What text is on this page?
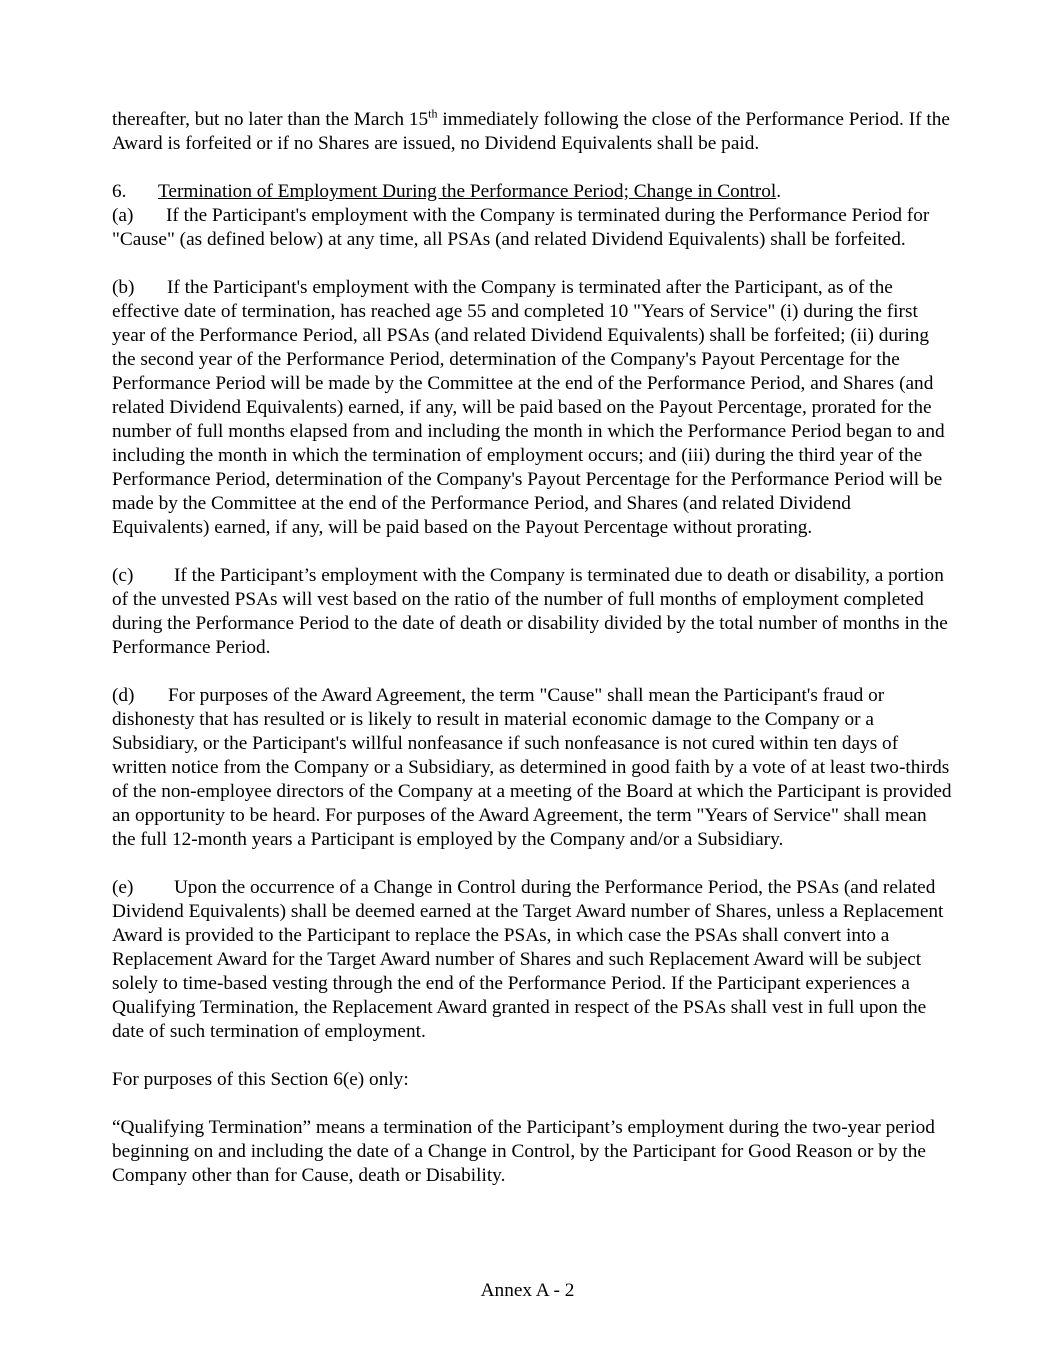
thereafter, but no later than the March 15th immediately following the close of the Performance Period. If the Award is forfeited or if no Shares are issued, no Dividend Equivalents shall be paid.

6. Termination of Employment During the Performance Period; Change in Control.

(a) If the Participant's employment with the Company is terminated during the Performance Period for "Cause" (as defined below) at any time, all PSAs (and related Dividend Equivalents) shall be forfeited.

(b) If the Participant's employment with the Company is terminated after the Participant, as of the effective date of termination, has reached age 55 and completed 10 "Years of Service" (i) during the first year of the Performance Period, all PSAs (and related Dividend Equivalents) shall be forfeited; (ii) during the second year of the Performance Period, determination of the Company's Payout Percentage for the Performance Period will be made by the Committee at the end of the Performance Period, and Shares (and related Dividend Equivalents) earned, if any, will be paid based on the Payout Percentage, prorated for the number of full months elapsed from and including the month in which the Performance Period began to and including the month in which the termination of employment occurs; and (iii) during the third year of the Performance Period, determination of the Company's Payout Percentage for the Performance Period will be made by the Committee at the end of the Performance Period, and Shares (and related Dividend Equivalents) earned, if any, will be paid based on the Payout Percentage without prorating.

(c) If the Participant’s employment with the Company is terminated due to death or disability, a portion of the unvested PSAs will vest based on the ratio of the number of full months of employment completed during the Performance Period to the date of death or disability divided by the total number of months in the Performance Period.

(d) For purposes of the Award Agreement, the term "Cause" shall mean the Participant's fraud or dishonesty that has resulted or is likely to result in material economic damage to the Company or a Subsidiary, or the Participant's willful nonfeasance if such nonfeasance is not cured within ten days of written notice from the Company or a Subsidiary, as determined in good faith by a vote of at least two-thirds of the non-employee directors of the Company at a meeting of the Board at which the Participant is provided an opportunity to be heard. For purposes of the Award Agreement, the term "Years of Service" shall mean the full 12-month years a Participant is employed by the Company and/or a Subsidiary.

(e) Upon the occurrence of a Change in Control during the Performance Period, the PSAs (and related Dividend Equivalents) shall be deemed earned at the Target Award number of Shares, unless a Replacement Award is provided to the Participant to replace the PSAs, in which case the PSAs shall convert into a Replacement Award for the Target Award number of Shares and such Replacement Award will be subject solely to time-based vesting through the end of the Performance Period. If the Participant experiences a Qualifying Termination, the Replacement Award granted in respect of the PSAs shall vest in full upon the date of such termination of employment.

For purposes of this Section 6(e) only:

“Qualifying Termination” means a termination of the Participant’s employment during the two-year period beginning on and including the date of a Change in Control, by the Participant for Good Reason or by the Company other than for Cause, death or Disability.

Annex A - 2
